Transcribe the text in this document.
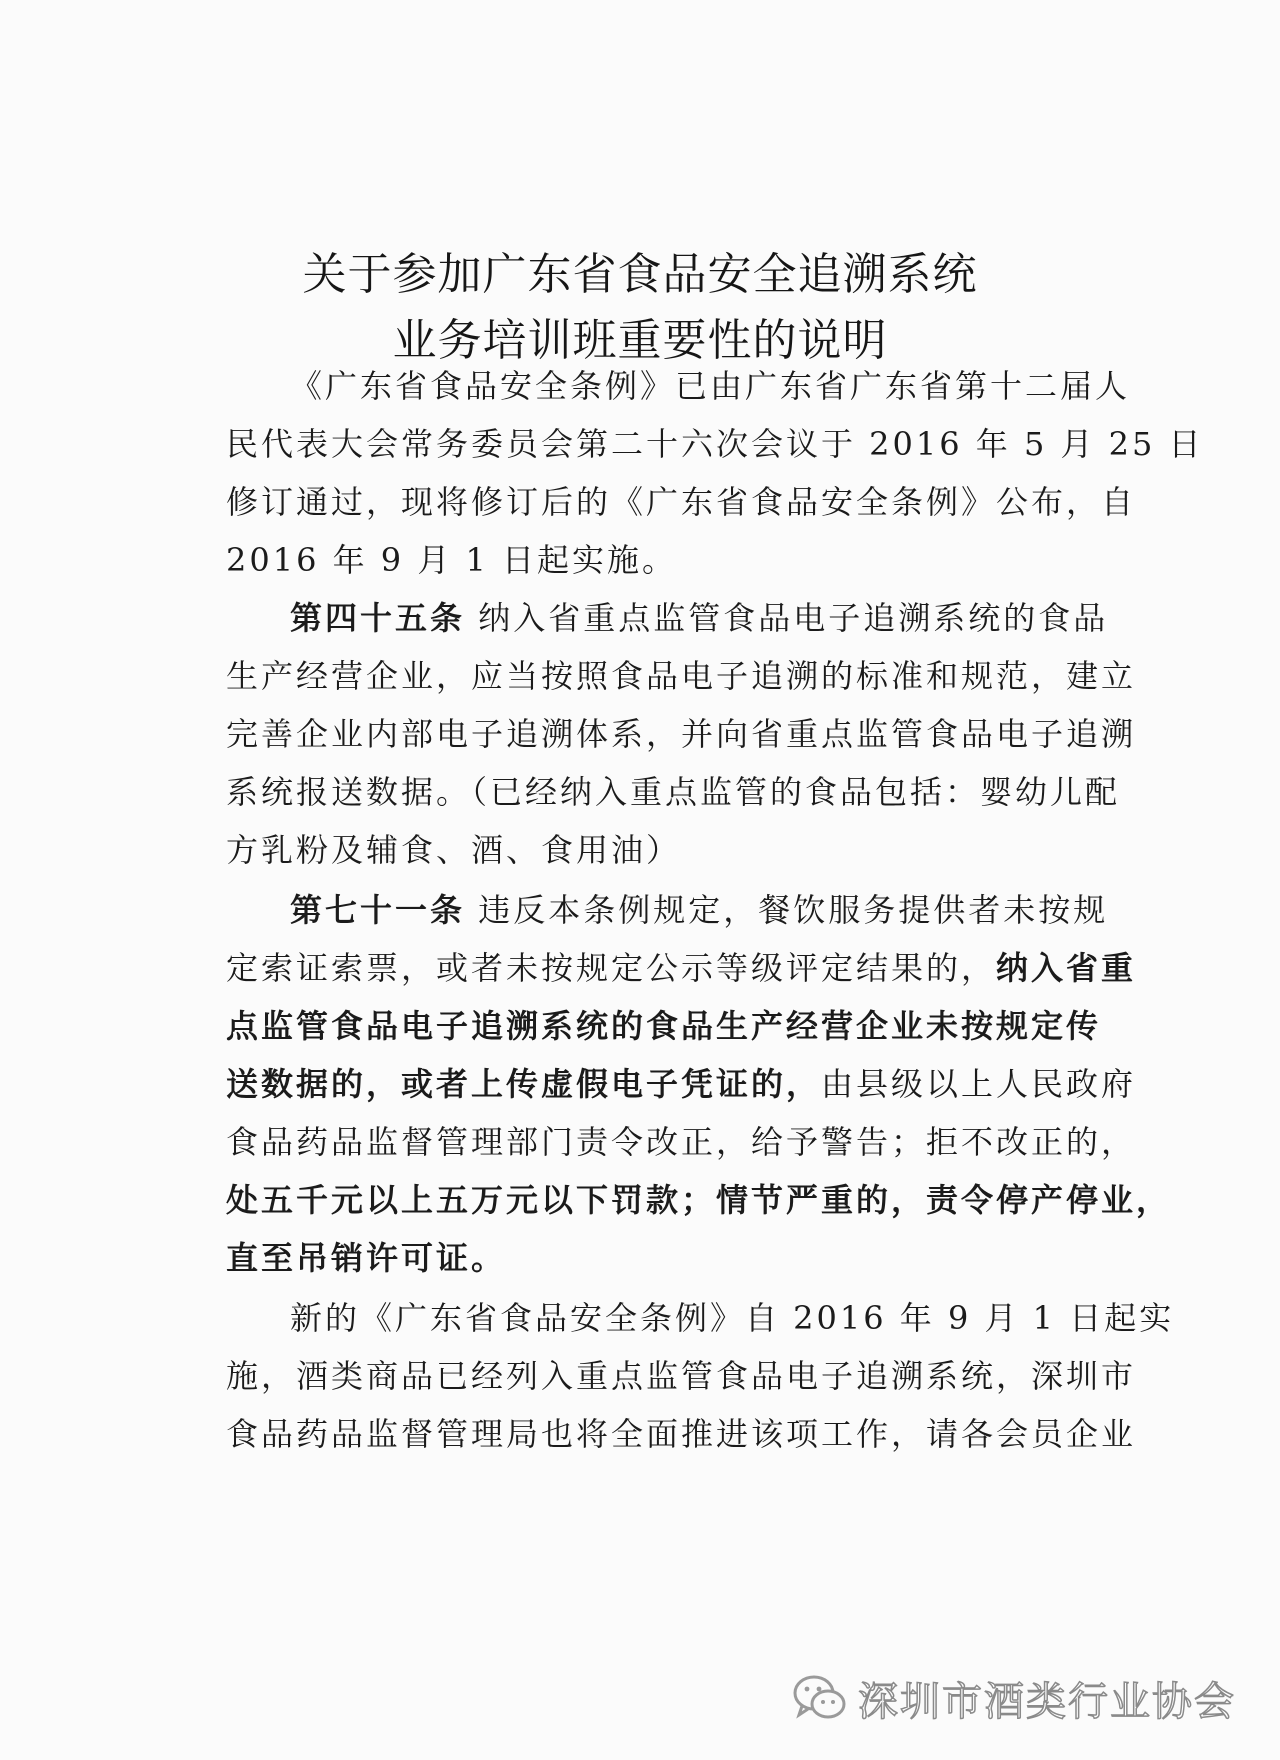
关于参加广东省食品安全追溯系统
业务培训班重要性的说明
《广东省食品安全条例》已由广东省广东省第十二届人
民代表大会常务委员会第二十六次会议于 2016 年 5 月 25 日
修订通过，现将修订后的《广东省食品安全条例》公布，自
2016 年 9 月 1 日起实施。
第四十五条 纳入省重点监管食品电子追溯系统的食品
生产经营企业，应当按照食品电子追溯的标准和规范，建立
完善企业内部电子追溯体系，并向省重点监管食品电子追溯
系统报送数据。（已经纳入重点监管的食品包括：婴幼儿配
方乳粉及辅食、酒、食用油）
第七十一条 违反本条例规定，餐饮服务提供者未按规
定索证索票，或者未按规定公示等级评定结果的，纳入省重
点监管食品电子追溯系统的食品生产经营企业未按规定传
送数据的，或者上传虚假电子凭证的，由县级以上人民政府
食品药品监督管理部门责令改正，给予警告；拒不改正的，
处五千元以上五万元以下罚款；情节严重的，责令停产停业，
直至吊销许可证。
新的《广东省食品安全条例》自 2016 年 9 月 1 日起实
施，酒类商品已经列入重点监管食品电子追溯系统，深圳市
食品药品监督管理局也将全面推进该项工作，请各会员企业
深圳市酒类行业协会
